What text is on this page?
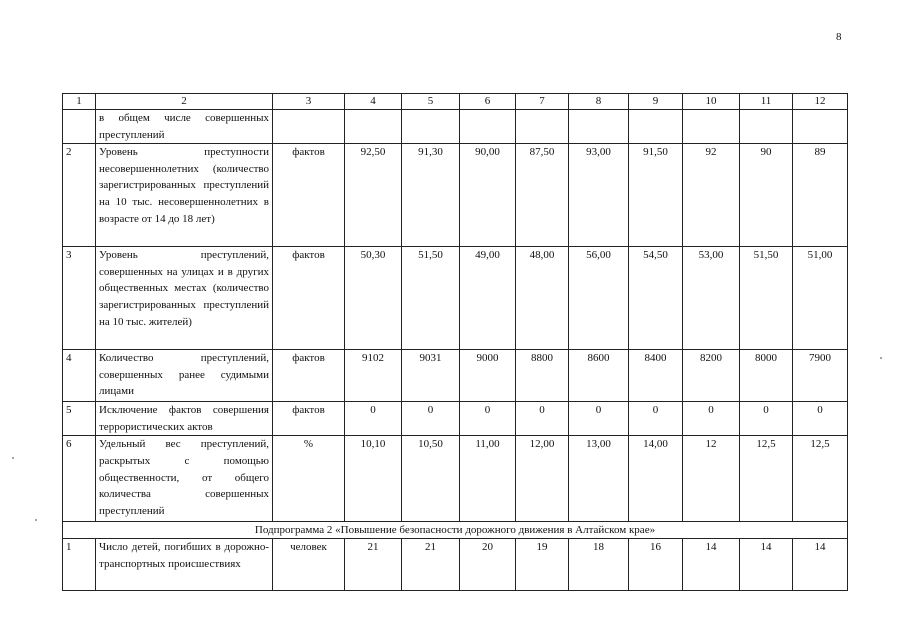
8
1	2	3	4	5	6	7	8	9	10	11	12
	в общем числе совершенных преступлений										
2	Уровень преступности несовершеннолетних (количество зарегистрированных преступлений на 10 тыс. несовершеннолетних в возрасте от 14 до 18 лет)	фактов	92,50	91,30	90,00	87,50	93,00	91,50	92	90	89
3	Уровень преступлений, совершенных на улицах и в других общественных местах (количество зарегистрированных преступлений на 10 тыс. жителей)	фактов	50,30	51,50	49,00	48,00	56,00	54,50	53,00	51,50	51,00
4	Количество преступлений, совершенных ранее судимыми лицами	фактов	9102	9031	9000	8800	8600	8400	8200	8000	7900
5	Исключение фактов совершения террористических актов	фактов	0	0	0	0	0	0	0	0	0
6	Удельный вес преступлений, раскрытых с помощью общественности, от общего количества совершенных преступлений	%	10,10	10,50	11,00	12,00	13,00	14,00	12	12,5	12,5
Подпрограмма 2 «Повышение безопасности дорожного движения в Алтайском крае»											
1	Число детей, погибших в дорожно-транспортных происшествиях	человек	21	21	20	19	18	16	14	14	14
